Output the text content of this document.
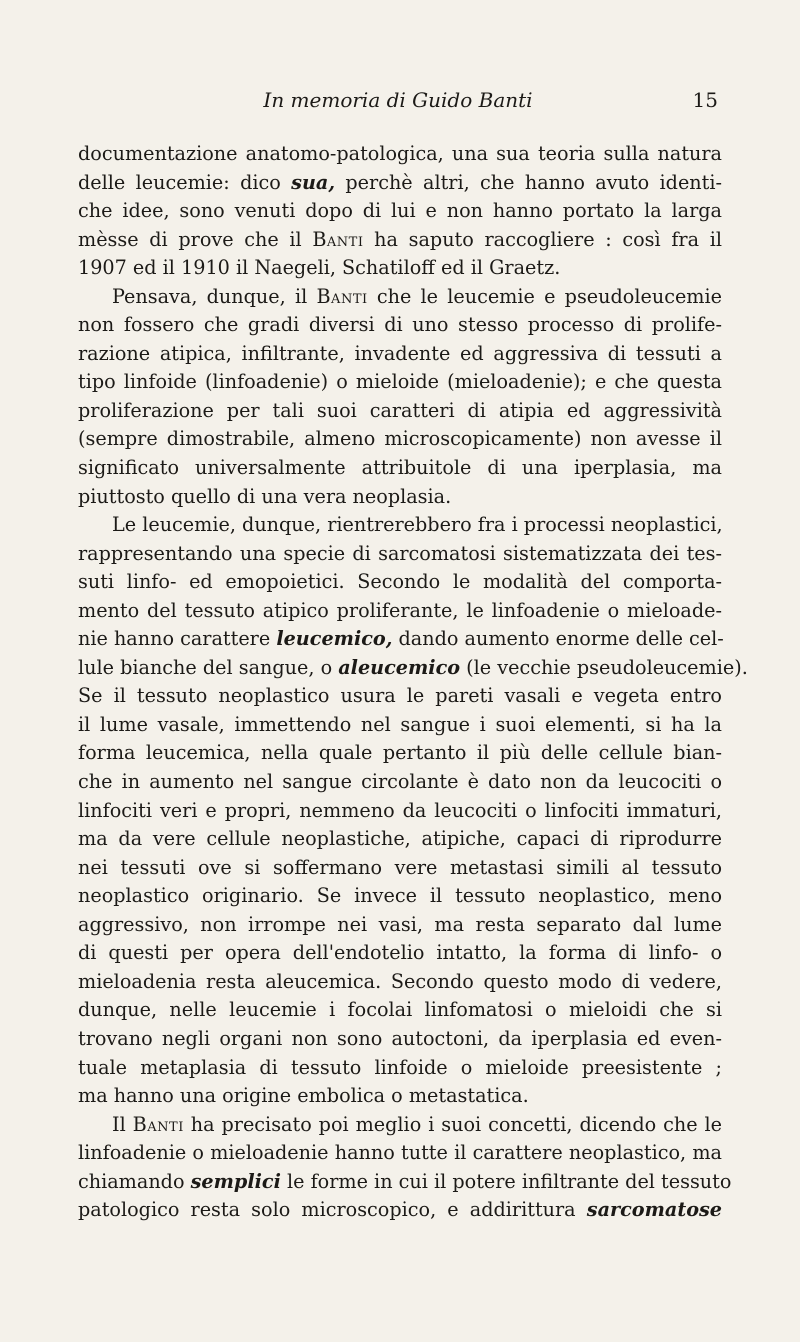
In memoria di Guido Banti	15
documentazione anatomo-patologica, una sua teoria sulla natura
delle leucemie: dico sua, perchè altri, che hanno avuto identi-
che idee, sono venuti dopo di lui e non hanno portato la larga
mèsse di prove che il Banti ha saputo raccogliere : così fra il
1907 ed il 1910 il Naegeli, Schatiloff ed il Graetz.
Pensava, dunque, il Banti che le leucemie e pseudoleucemie
non fossero che gradi diversi di uno stesso processo di prolife-
razione atipica, infiltrante, invadente ed aggressiva di tessuti a
tipo linfoide (linfoadenie) o mieloide (mieloadenie); e che questa
proliferazione per tali suoi caratteri di atipia ed aggressività
(sempre dimostrabile, almeno microscopicamente) non avesse il
significato universalmente attribuitole di una iperplasia, ma
piuttosto quello di una vera neoplasia.
Le leucemie, dunque, rientrerebbero fra i processi neoplastici,
rappresentando una specie di sarcomatosi sistematizzata dei tes-
suti linfo- ed emopoietici. Secondo le modalità del comporta-
mento del tessuto atipico proliferante, le linfoadenie o mieloade-
nie hanno carattere leucemico, dando aumento enorme delle cel-
lule bianche del sangue, o aleucemico (le vecchie pseudoleucemie).
Se il tessuto neoplastico usura le pareti vasali e vegeta entro
il lume vasale, immettendo nel sangue i suoi elementi, si ha la
forma leucemica, nella quale pertanto il più delle cellule bian-
che in aumento nel sangue circolante è dato non da leucociti o
linfociti veri e propri, nemmeno da leucociti o linfociti immaturi,
ma da vere cellule neoplastiche, atipiche, capaci di riprodurre
nei tessuti ove si soffermano vere metastasi simili al tessuto
neoplastico originario. Se invece il tessuto neoplastico, meno
aggressivo, non irrompe nei vasi, ma resta separato dal lume
di questi per opera dell'endotelio intatto, la forma di linfo- o
mieloadenia resta aleucemica. Secondo questo modo di vedere,
dunque, nelle leucemie i focolai linfomatosi o mieloidi che si
trovano negli organi non sono autoctoni, da iperplasia ed even-
tuale metaplasia di tessuto linfoide o mieloide preesistente ;
ma hanno una origine embolica o metastatica.
Il Banti ha precisato poi meglio i suoi concetti, dicendo che le
linfoadenie o mieloadenie hanno tutte il carattere neoplastico, ma
chiamando semplici le forme in cui il potere infiltrante del tessuto
patologico resta solo microscopico, e addirittura sarcomatose
